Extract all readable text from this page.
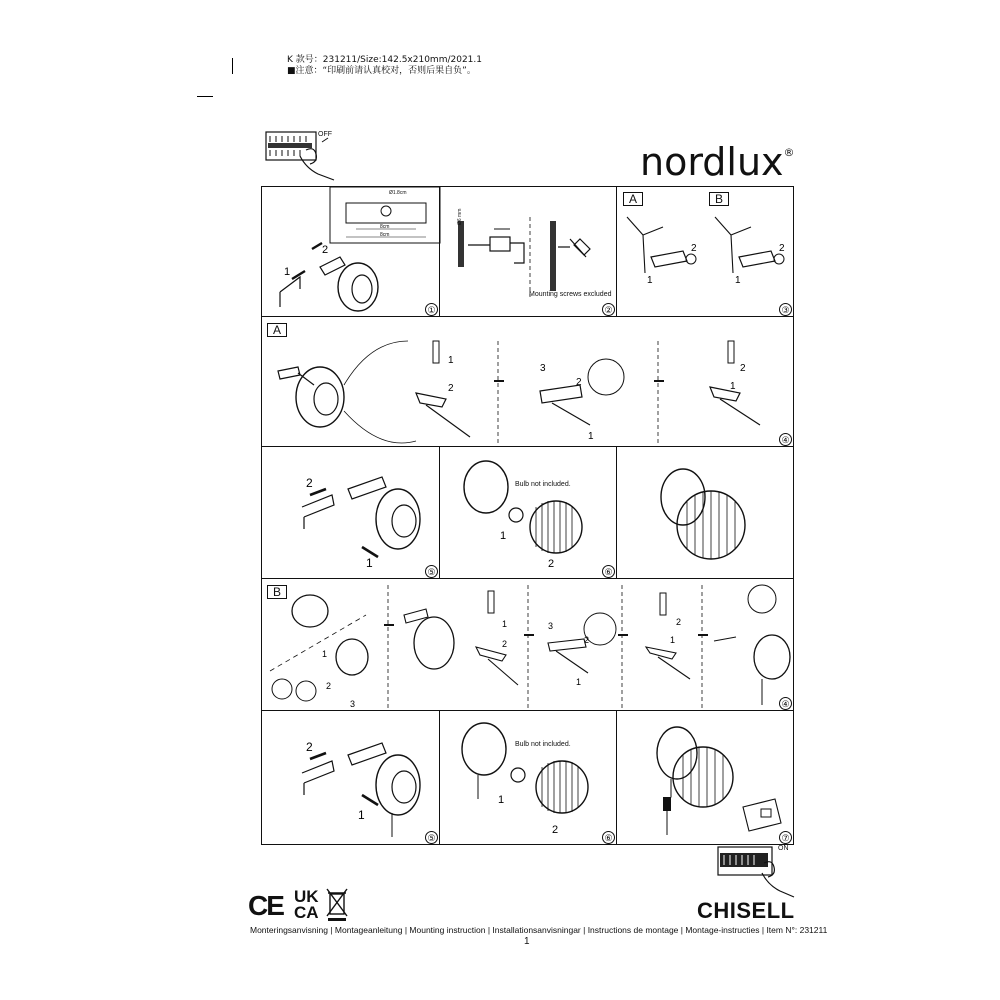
K 款号：231211/Size:142.5x210mm/2021.1
■注意：“印刷前请认真校对，否则后果自负”。
OFF
nordlux®
Ø1.8cm
8cm
8cm
1
2
①
Ø6 mm
Mounting screws excluded
②
A	B
2
1
2
1
③
A
1
2
3
2
1
2
1
④
2
1
⑤
Bulb not included.
1
2
⑥
B
1
2
3
1
2
3
2
1
2
1
④
2
1
⑤
Bulb not included.
1
2
⑥	⑦
ON
CE UK
CA	CHISELL
Monteringsanvisning | Montageanleitung | Mounting instruction | Installationsanvisningar | Instructions de montage | Montage-instructies | Item N°: 231211
1
